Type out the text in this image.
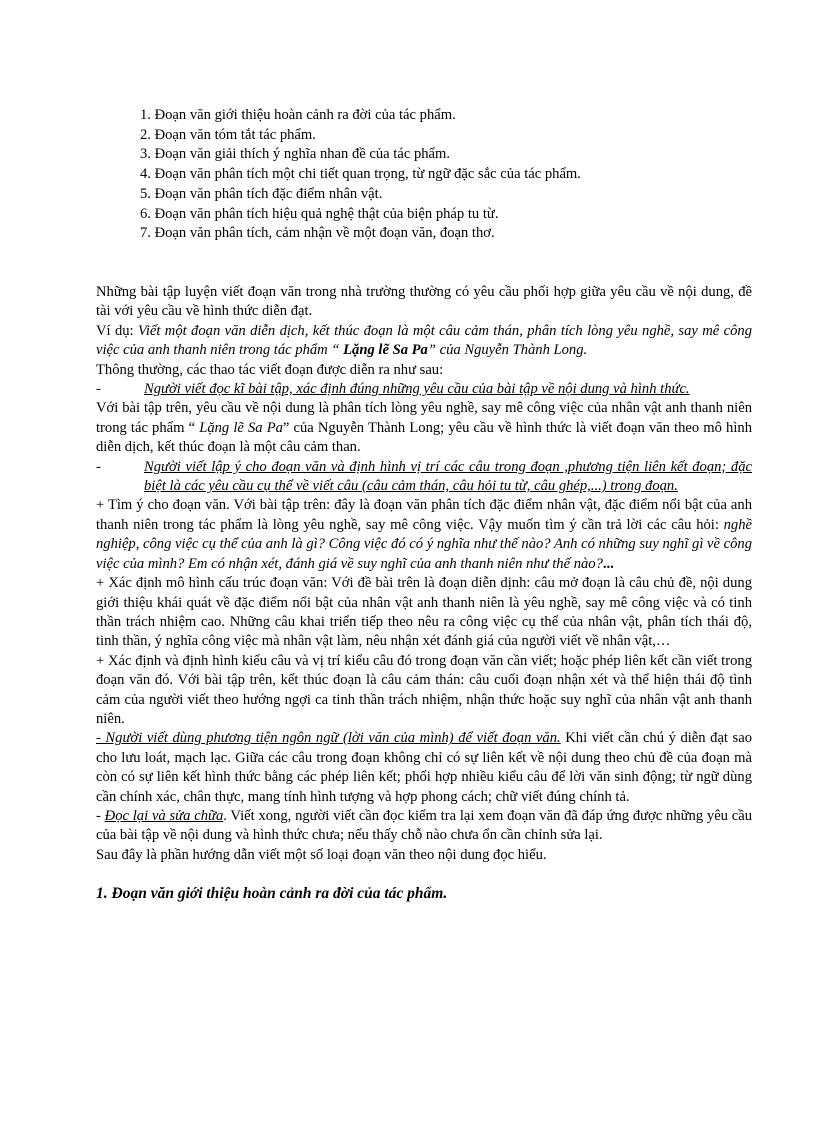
1. Đoạn văn giới thiệu hoàn cảnh ra đời của tác phẩm.
2. Đoạn văn tóm tắt tác phẩm.
3. Đoạn văn giải thích ý nghĩa nhan đề của tác phẩm.
4. Đoạn văn phân tích một chi tiết quan trọng, từ ngữ đặc sắc của tác phẩm.
5. Đoạn văn phân tích đặc điểm nhân vật.
6. Đoạn văn phân tích hiệu quả nghệ thật của biện pháp tu từ.
7. Đoạn văn phân tích, cảm nhận về một đoạn văn, đoạn thơ.

Những bài tập luyện viết đoạn văn trong nhà trường thường có yêu cầu phối hợp giữa yêu cầu về nội dung, đề tài với yêu cầu về hình thức diễn đạt.

Ví dụ: Viết một đoạn văn diễn dịch, kết thúc đoạn là một câu cảm thán, phân tích lòng yêu nghề, say mê công việc của anh thanh niên trong tác phẩm “ Lặng lẽ Sa Pa” của Nguyễn Thành Long.

Thông thường, các thao tác viết đoạn được diễn ra như sau:

-	Người viết đọc kĩ bài tập, xác định đúng những yêu cầu của bài tập về nội dung và hình thức.

Với bài tập trên, yêu cầu về nội dung là phân tích lòng yêu nghề, say mê công việc của nhân vật anh thanh niên trong tác phẩm “ Lặng lẽ Sa Pa” của Nguyễn Thành Long; yêu cầu về hình thức là viết đoạn văn theo mô hình diễn dịch, kết thúc đoạn là một câu cảm than.

-	Người viết lập ý cho đoạn văn và định hình vị trí các câu trong đoạn ,phương tiện liên kết đoạn; đặc biệt là các yêu cầu cụ thể về viết câu (câu cảm thán, câu hỏi tu từ, câu ghép,...) trong đoạn.

+ Tìm ý cho đoạn văn. Với bài tập trên: đây là đoạn văn phân tích đặc điểm nhân vật, đặc điểm nổi bật của anh thanh niên trong tác phẩm là lòng yêu nghề, say mê công việc. Vậy muốn tìm ý cần trả lời các câu hỏi: nghề nghiệp, công việc cụ thể của anh là gì? Công việc đó có ý nghĩa như thế nào? Anh có những suy nghĩ gì về công việc của mình? Em có nhận xét, đánh giá về suy nghĩ của anh thanh niên như thế nào?...

+ Xác định mô hình cấu trúc đoạn văn: Với đề bài trên là đoạn diễn dịnh: câu mở đoạn là câu chủ đề, nội dung giới thiệu khái quát về đặc điểm nổi bật của nhân vật anh thanh niên là yêu nghề, say mê công việc và có tinh thần trách nhiệm cao. Những câu khai triển tiếp theo nêu ra công việc cụ thể của nhân vật, phân tích thái độ, tinh thần, ý nghĩa công việc mà nhân vật làm, nêu nhận xét đánh giá của người viết về nhân vật,…

+ Xác định và định hình kiểu câu và vị trí kiểu câu đó trong đoạn văn cần viết; hoặc phép liên kết cần viết trong đoạn văn đó. Với bài tập trên, kết thúc đoạn là câu cảm thán: câu cuối đoạn nhận xét và thể hiện thái độ tình cảm của người viết theo hướng ngợi ca tinh thần trách nhiệm, nhận thức hoặc suy nghĩ của nhân vật anh thanh niên.

- Người viết dùng phương tiện ngôn ngữ (lời văn của mình) để viết đoạn văn. Khi viết cần chú ý diễn đạt sao cho lưu loát, mạch lạc. Giữa các câu trong đoạn không chỉ có sự liên kết về nội dung theo chủ đề của đoạn mà còn có sự liên kết hình thức bằng các phép liên kết; phối hợp nhiều kiểu câu để lời văn sinh động; từ ngữ dùng cần chính xác, chân thực, mang tính hình tượng và hợp phong cách; chữ viết đúng chính tả.

- Đọc lại và sửa chữa. Viết xong, người viết cần đọc kiểm tra lại xem đoạn văn đã đáp ứng được những yêu cầu của bài tập về nội dung và hình thức chưa; nếu thấy chỗ nào chưa ổn cần chỉnh sửa lại.

Sau đây là phần hướng dẫn viết một số loại đoạn văn theo nội dung đọc hiểu.

1. Đoạn văn giới thiệu hoàn cảnh ra đời của tác phẩm.
